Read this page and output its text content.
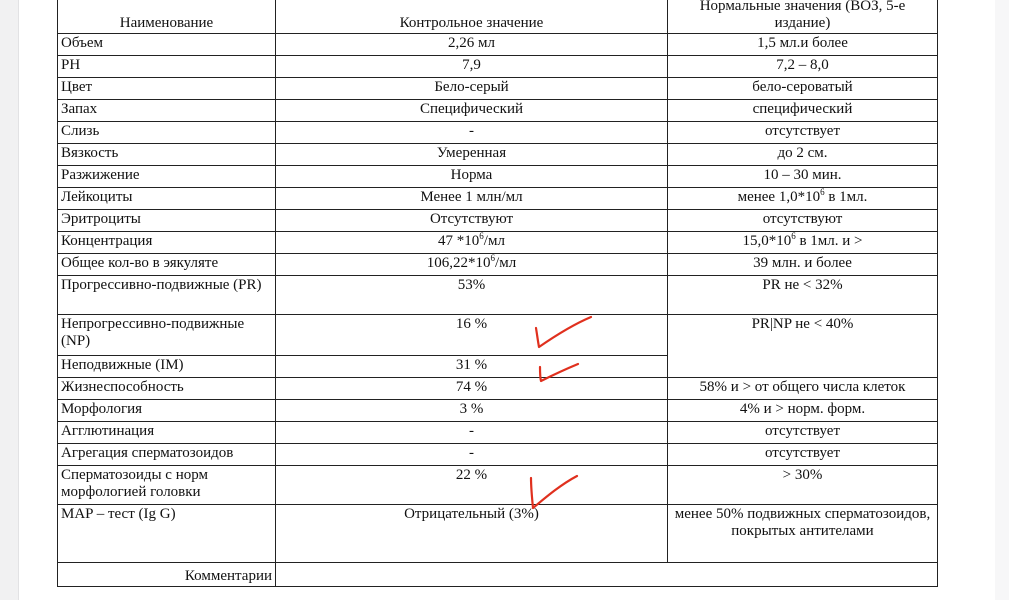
Наименование	Контрольное значение	Нормальные значения (ВОЗ, 5-е издание)
Объем	2,26 мл	1,5 мл.и более
PH	7,9	7,2 – 8,0
Цвет	Бело-серый	бело-сероватый
Запах	Специфический	специфический
Слизь	-	отсутствует
Вязкость	Умеренная	до 2 см.
Разжижение	Норма	10 – 30 мин.
Лейкоциты	Менее 1 млн/мл	менее $1,0*10^6$ в 1мл.
Эритроциты	Отсутствуют	отсутствуют
Концентрация	47 $*10^6/мл$	$15,0*10^6$ в 1мл. и >
Общее кол-во в эякуляте	$106,22*10^6/мл$	39 млн. и более
Прогрессивно-подвижные (PR)	53%	PR не < 32%
Непрогрессивно-подвижные (NP)	16 %	PR|NP не < 40%
Неподвижные (IM)	31 %	
Жизнеспособность	74 %	58% и > от общего числа клеток
Морфология	3 %	4% и > норм. форм.
Агглютинация	-	отсутствует
Агрегация сперматозоидов	-	отсутствует
Сперматозоиды с норм морфологией головки	22 %	> 30%
MAP – тест (Ig G)	Отрицательный (3%)	менее 50% подвижных сперматозоидов, покрытых антителами
Комментарии		
